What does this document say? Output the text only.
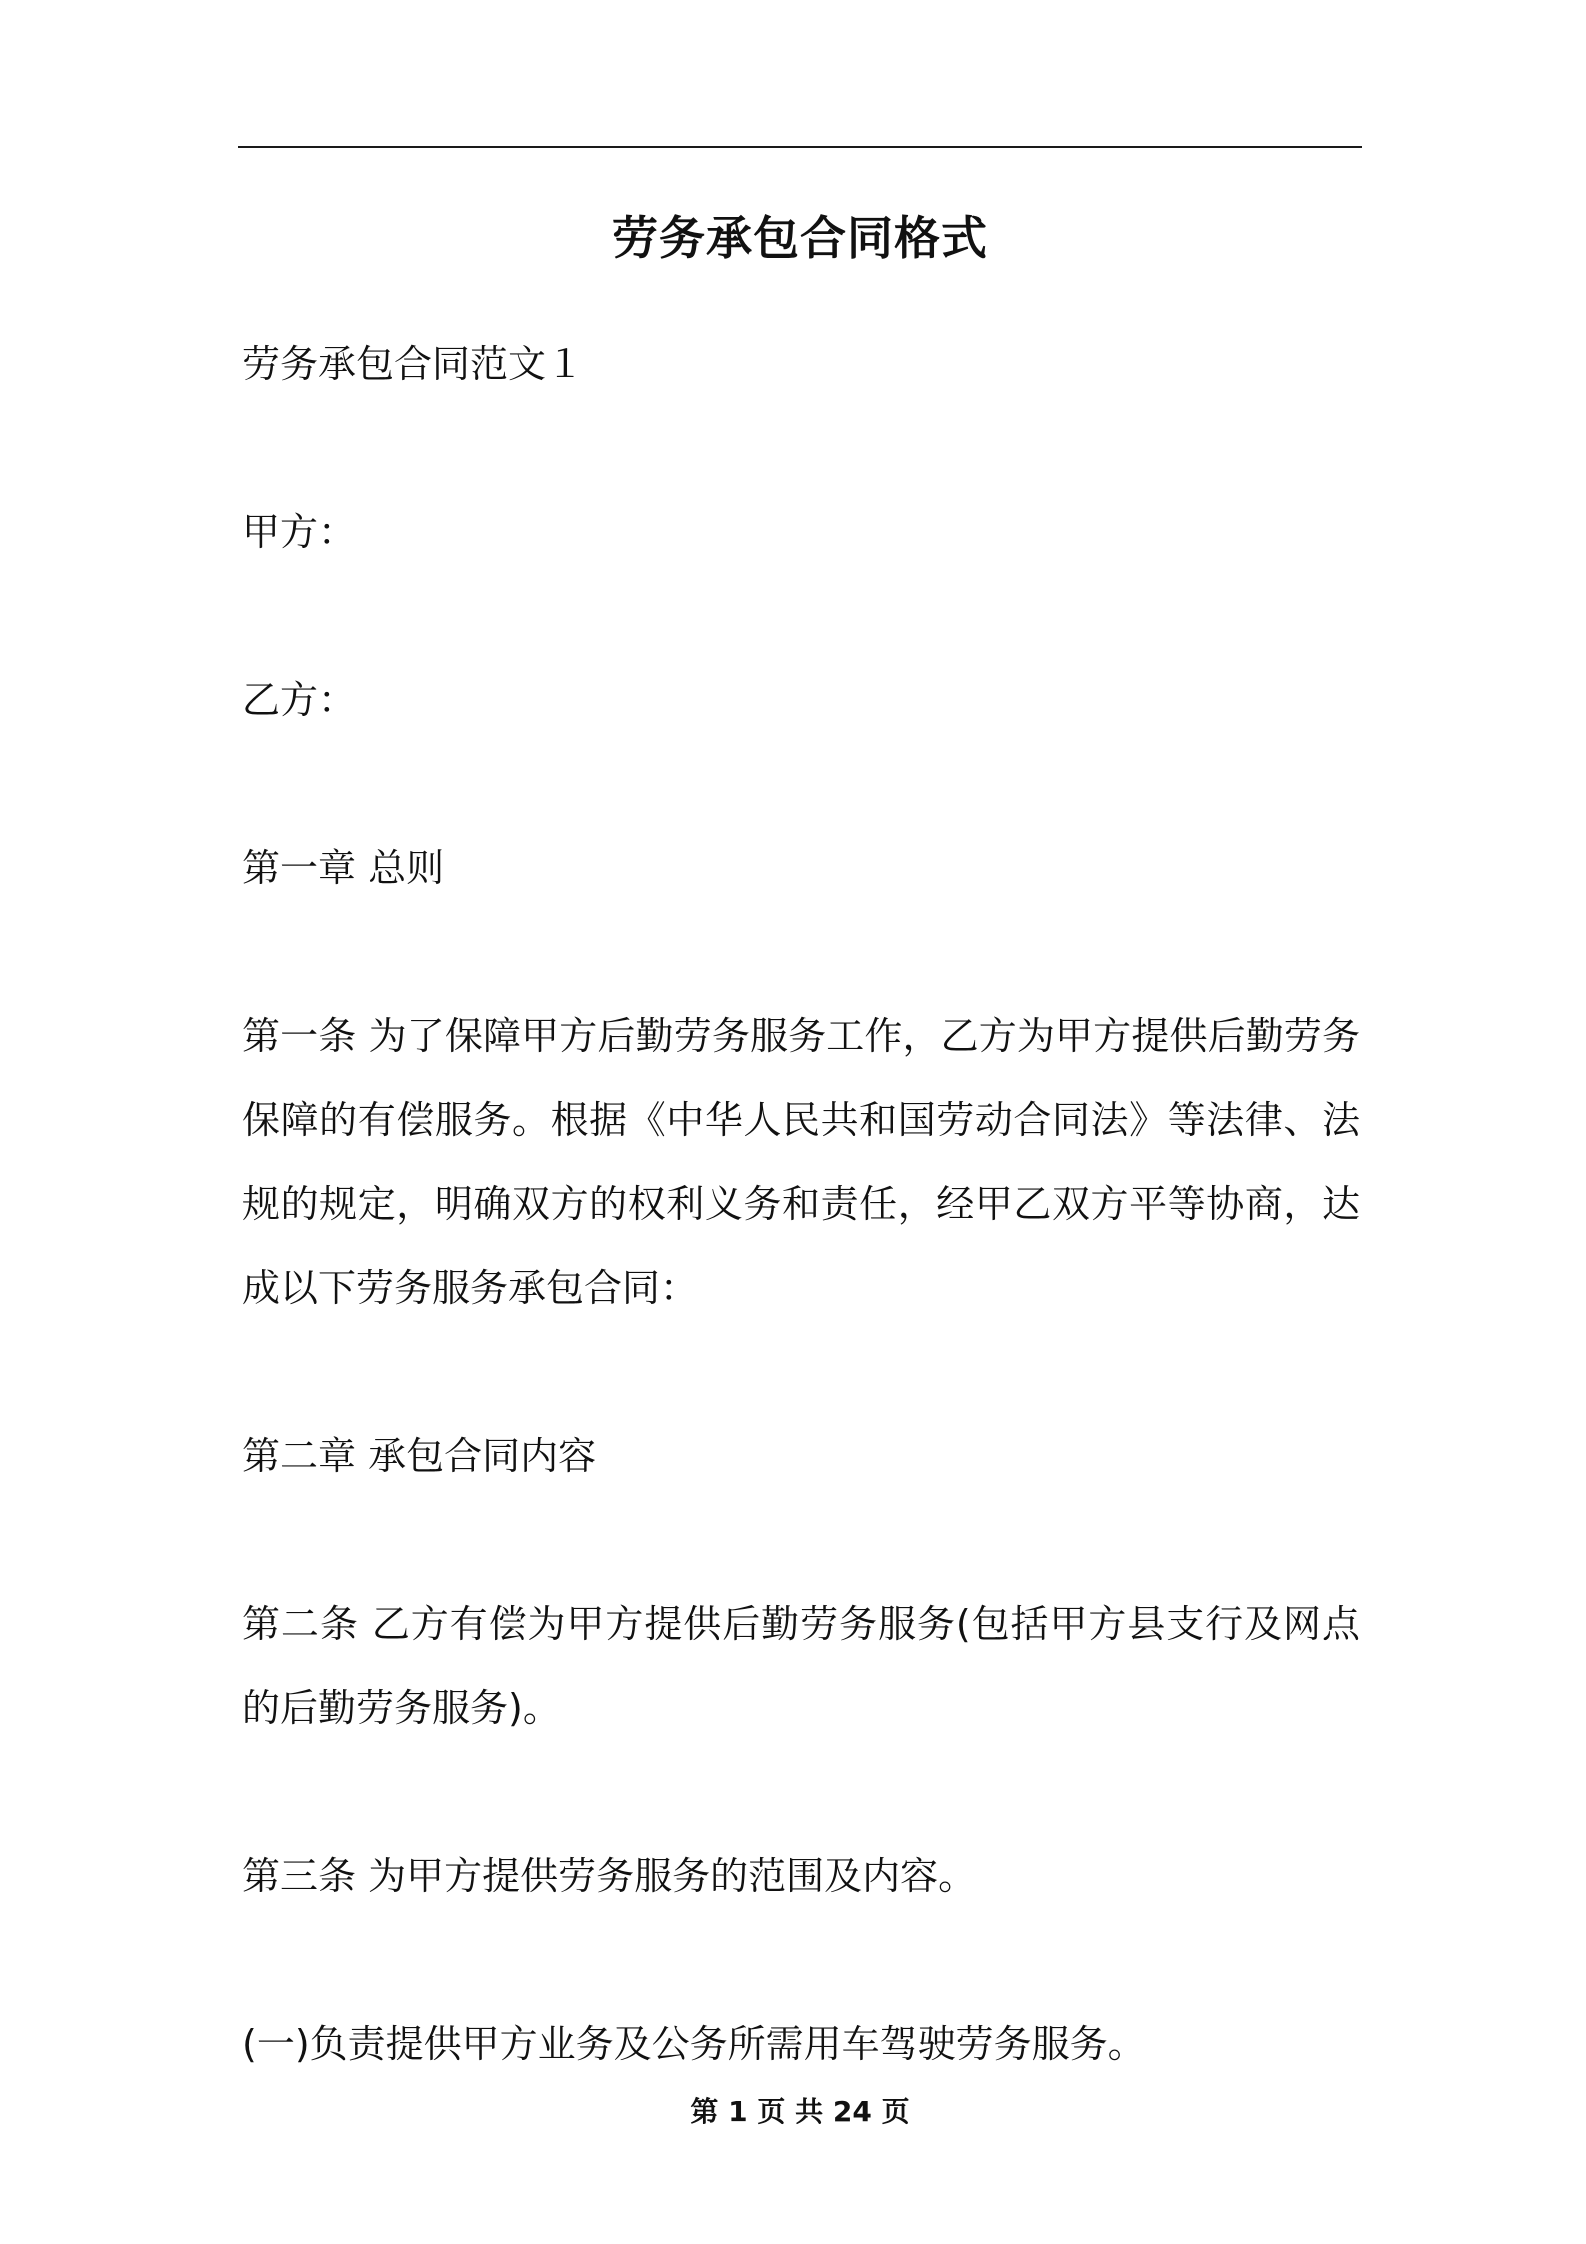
劳务承包合同格式

劳务承包合同范文１

甲方：

乙方：

第一章 总则

第一条 为了保障甲方后勤劳务服务工作，乙方为甲方提供后勤劳务保障的有偿服务。根据《中华人民共和国劳动合同法》等法律、法规的规定，明确双方的权利义务和责任，经甲乙双方平等协商，达成以下劳务服务承包合同：

第二章 承包合同内容

第二条 乙方有偿为甲方提供后勤劳务服务(包括甲方县支行及网点的后勤劳务服务)。

第三条 为甲方提供劳务服务的范围及内容。

(一)负责提供甲方业务及公务所需用车驾驶劳务服务。

第 1 页 共 24 页
